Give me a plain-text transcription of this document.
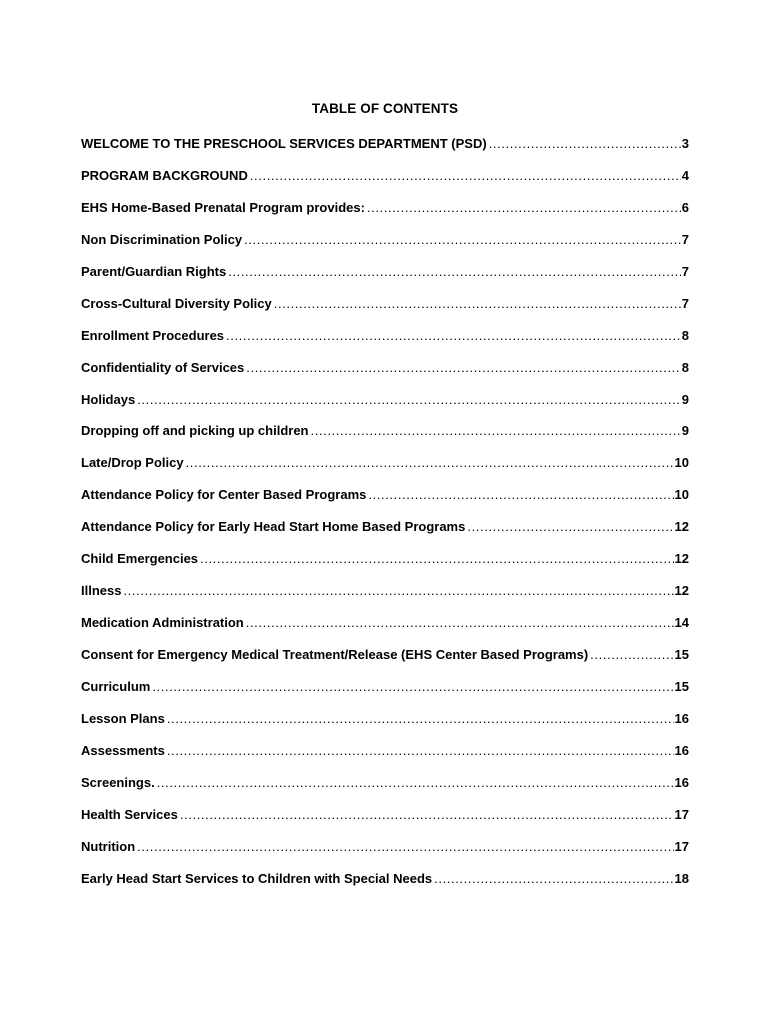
TABLE OF CONTENTS
WELCOME TO THE PRESCHOOL SERVICES DEPARTMENT (PSD) .....	3
PROGRAM BACKGROUND .....	4
EHS Home-Based Prenatal Program provides: .....	6
Non Discrimination Policy .....	7
Parent/Guardian Rights .....	7
Cross-Cultural Diversity Policy .....	7
Enrollment Procedures .....	8
Confidentiality of Services .....	8
Holidays .....	9
Dropping off and picking up children .....	9
Late/Drop Policy .....	10
Attendance Policy for Center Based Programs .....	10
Attendance Policy for Early Head Start Home Based Programs .....	12
Child Emergencies .....	12
Illness .....	12
Medication Administration .....	14
Consent for Emergency Medical Treatment/Release (EHS Center Based Programs) .....	15
Curriculum .....	15
Lesson Plans .....	16
Assessments .....	16
Screenings. .....	16
Health Services .....	17
Nutrition .....	17
Early Head Start Services to Children with Special Needs .....	18
